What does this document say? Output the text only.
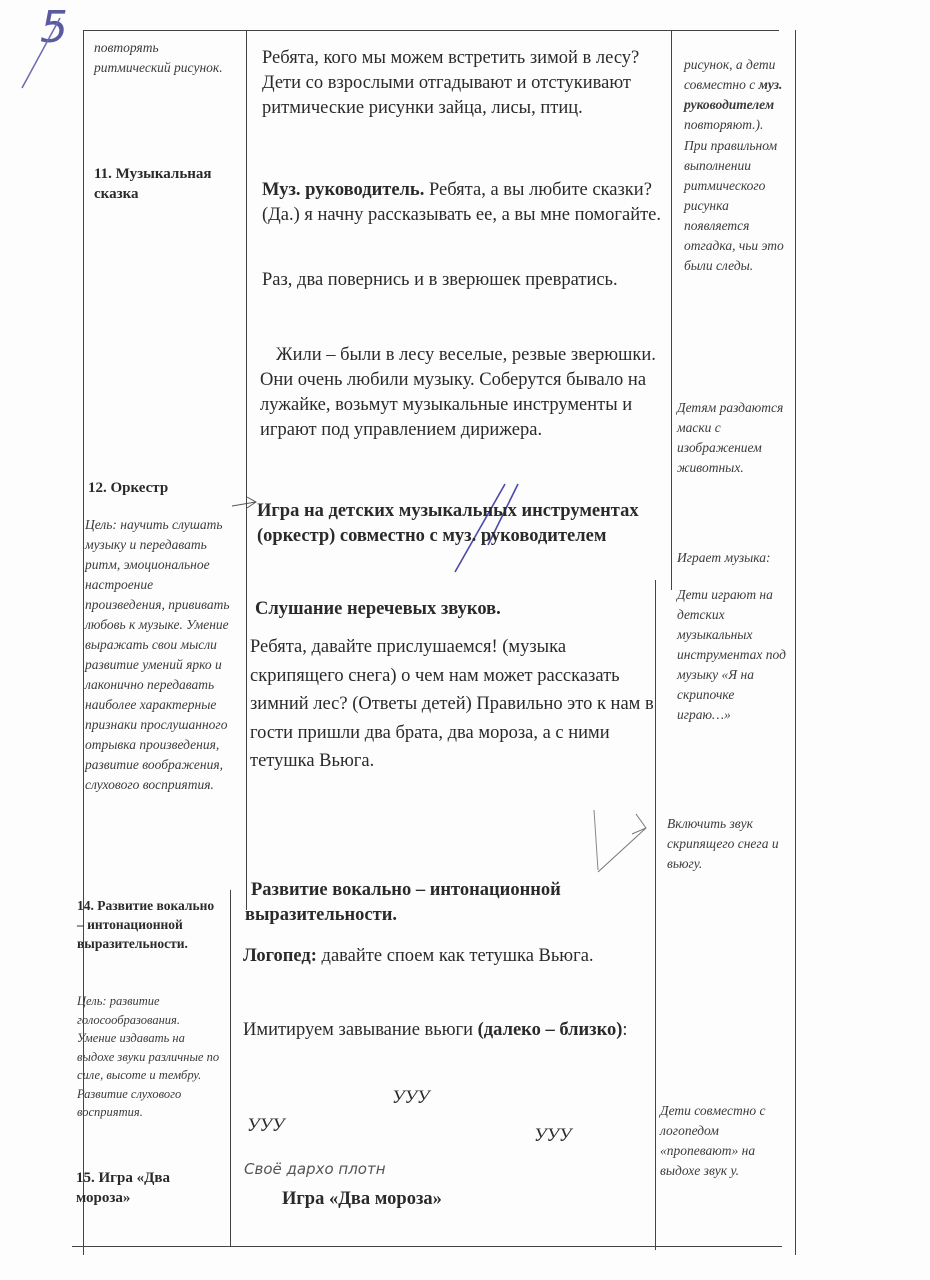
5 повторять ритмический рисунок.
11. Музыкальная сказка
12. Оркестр
Цель: научить слушать музыку и передавать ритм, эмоциональное настроение произведения, прививать любовь к музыке. Умение выражать свои мысли развитие умений ярко и лаконично передавать наиболее характерные признаки прослушанного отрывка произведения, развитие воображения, слухового восприятия.
14. Развитие вокально – интонационной выразительности.
Цель: развитие голосообразования. Умение издавать на выдохе звуки различные по силе, высоте и тембру. Развитие слухового восприятия.
15. Игра «Два мороза»
Ребята, кого мы можем встретить зимой в лесу? Дети со взрослыми отгадывают и отстукивают ритмические рисунки зайца, лисы, птиц.
Муз. руководитель. Ребята, а вы любите сказки? (Да.) я начну рассказывать ее, а вы мне помогайте.
Раз, два повернись и в зверюшек превратись.
Жили – были в лесу веселые, резвые зверюшки. Они очень любили музыку. Соберутся бывало на лужайке, возьмут музыкальные инструменты и играют под управлением дирижера.
Игра на детских музыкальных инструментах (оркестр) совместно с муз. руководителем
Слушание неречевых звуков.
Ребята, давайте прислушаемся! (музыка скрипящего снега) о чем нам может рассказать зимний лес? (Ответы детей) Правильно это к нам в гости пришли два брата, два мороза, а с ними тетушка Вьюга.
Развитие вокально – интонационной выразительности.
Логопед: давайте споем как тетушка Вьюга.
Имитируем завывание вьюги (далеко – близко):
УУУ
УУУ	УУУ
Своё дархо плотн
Игра «Два мороза»
рисунок, а дети совместно с муз. руководителем повторяют.).
При правильном выполнении ритмического рисунка появляется отгадка, чьи это были следы.
Детям раздаются маски с изображением животных.
Играет музыка:
Дети играют на детских музыкальных инструментах под музыку «Я на скрипочке играю…»
Включить звук скрипящего снега и вьюгу.
Дети совместно с логопедом «пропевают» на выдохе звук у.
